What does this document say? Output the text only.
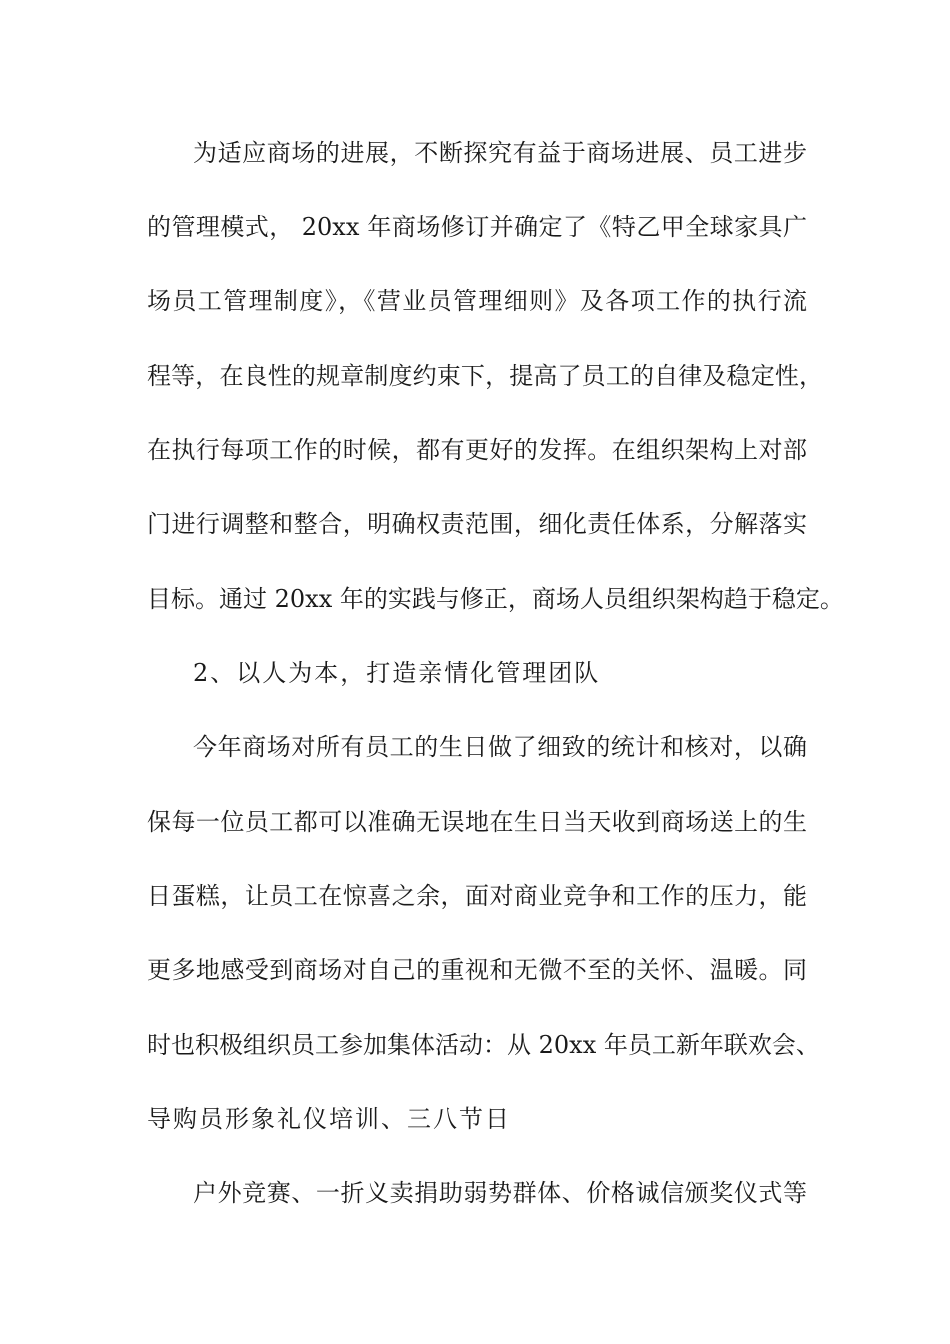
为适应商场的进展，不断探究有益于商场进展、员工进步
的管理模式， 20xx 年商场修订并确定了《特乙甲全球家具广
场员工管理制度》，《营业员管理细则》及各项工作的执行流
程等，在良性的规章制度约束下，提高了员工的自律及稳定性，
在执行每项工作的时候，都有更好的发挥。在组织架构上对部
门进行调整和整合，明确权责范围，细化责任体系，分解落实
目标。通过 20xx 年的实践与修正，商场人员组织架构趋于稳定。
2、以人为本，打造亲情化管理团队
今年商场对所有员工的生日做了细致的统计和核对，以确
保每一位员工都可以准确无误地在生日当天收到商场送上的生
日蛋糕，让员工在惊喜之余，面对商业竞争和工作的压力，能
更多地感受到商场对自己的重视和无微不至的关怀、温暖。同
时也积极组织员工参加集体活动：从 20xx 年员工新年联欢会、
导购员形象礼仪培训、三八节日
户外竞赛、一折义卖捐助弱势群体、价格诚信颁奖仪式等
